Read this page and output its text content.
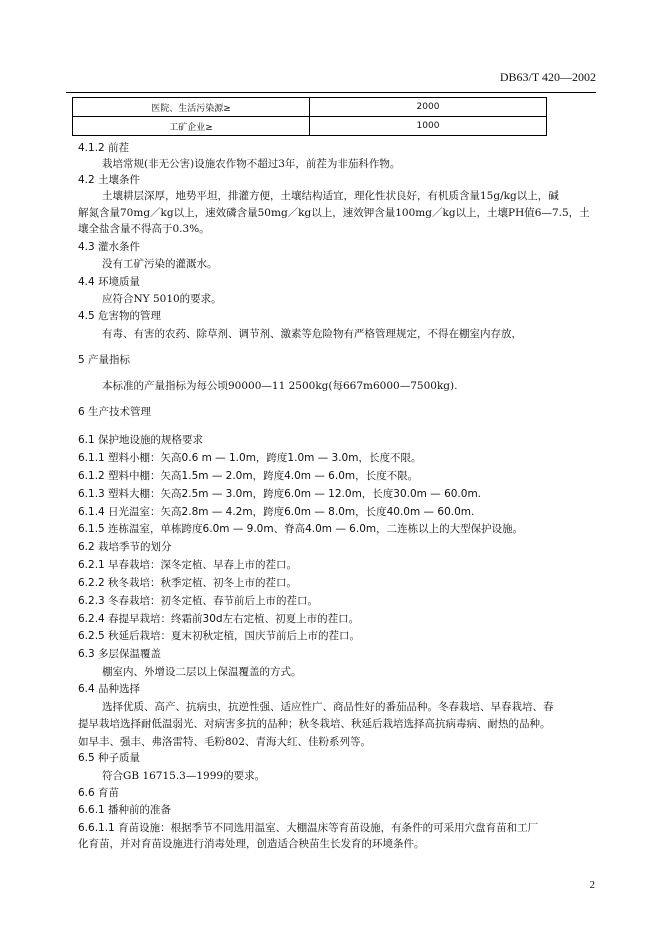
DB63/T 420—2002
医院、生活污染源≥	2000
工矿企业≥	1000
4.1.2 前茬
栽培常规(非无公害)设施农作物不超过3年，前茬为非茄科作物。
4.2 土壤条件
土壤耕层深厚，地势平坦，排灌方便，土壤结构适宜，理化性状良好，有机质含量15g/kg以上，碱
解氮含量70mg／kg以上，速效磷含量50mg／kg以上，速效钾含量100mg／kg以上，土壤PH值6—7.5，土
壤全盐含量不得高于0.3%。
4.3 灌水条件
没有工矿污染的灌溉水。
4.4 环境质量
应符合NY 5010的要求。
4.5 危害物的管理
有毒、有害的农药、除草剂、调节剂、激素等危险物有严格管理规定，不得在棚室内存放，
5 产量指标
本标准的产量指标为每公顷90000—11 2500kg(每667m6000—7500kg).
6 生产技术管理
6.1 保护地设施的规格要求
6.1.1 塑料小棚：矢高0.6 m — 1.0m，跨度1.0m — 3.0m，长度不限。
6.1.2 塑料中棚：矢高1.5m — 2.0m，跨度4.0m — 6.0m，长度不限。
6.1.3 塑料大棚：矢高2.5m — 3.0m，跨度6.0m — 12.0m，长度30.0m — 60.0m.
6.1.4 日光温室：矢高2.8m — 4.2m，跨度6.0m — 8.0m，长度40.0m — 60.0m.
6.1.5 连栋温室，单栋跨度6.0m — 9.0m、脊高4.0m — 6.0m，二连栋以上的大型保护设施。
6.2 栽培季节的划分
6.2.1 早春栽培：深冬定植、早春上市的茬口。
6.2.2 秋冬栽培：秋季定植、初冬上市的茬口。
6.2.3 冬春栽培：初冬定植、春节前后上市的茬口。
6.2.4 春提早栽培：终霜前30d左右定植、初夏上市的茬口。
6.2.5 秋延后栽培：夏末初秋定植，国庆节前后上市的茬口。
6.3 多层保温覆盖
棚室内、外增设二层以上保温覆盖的方式。
6.4 品种选择
选择优质、高产、抗病虫，抗逆性强、适应性广、商品性好的番茄品种。冬春栽培、早春栽培、春
提早栽培选择耐低温弱光、对病害多抗的品种；秋冬栽培、秋延后栽培选择高抗病毒病、耐热的品种。
如早丰、强丰、弗洛雷特、毛粉802、青海大红、佳粉系列等。
6.5 种子质量
符合GB 16715.3—1999的要求。
6.6 育苗
6.6.1 播种前的准备
6.6.1.1 育苗设施：根据季节不同选用温室、大棚温床等育苗设施，有条件的可采用穴盘育苗和工厂
化育苗，并对育苗设施进行消毒处理，创造适合秧苗生长发育的环境条件。
2
